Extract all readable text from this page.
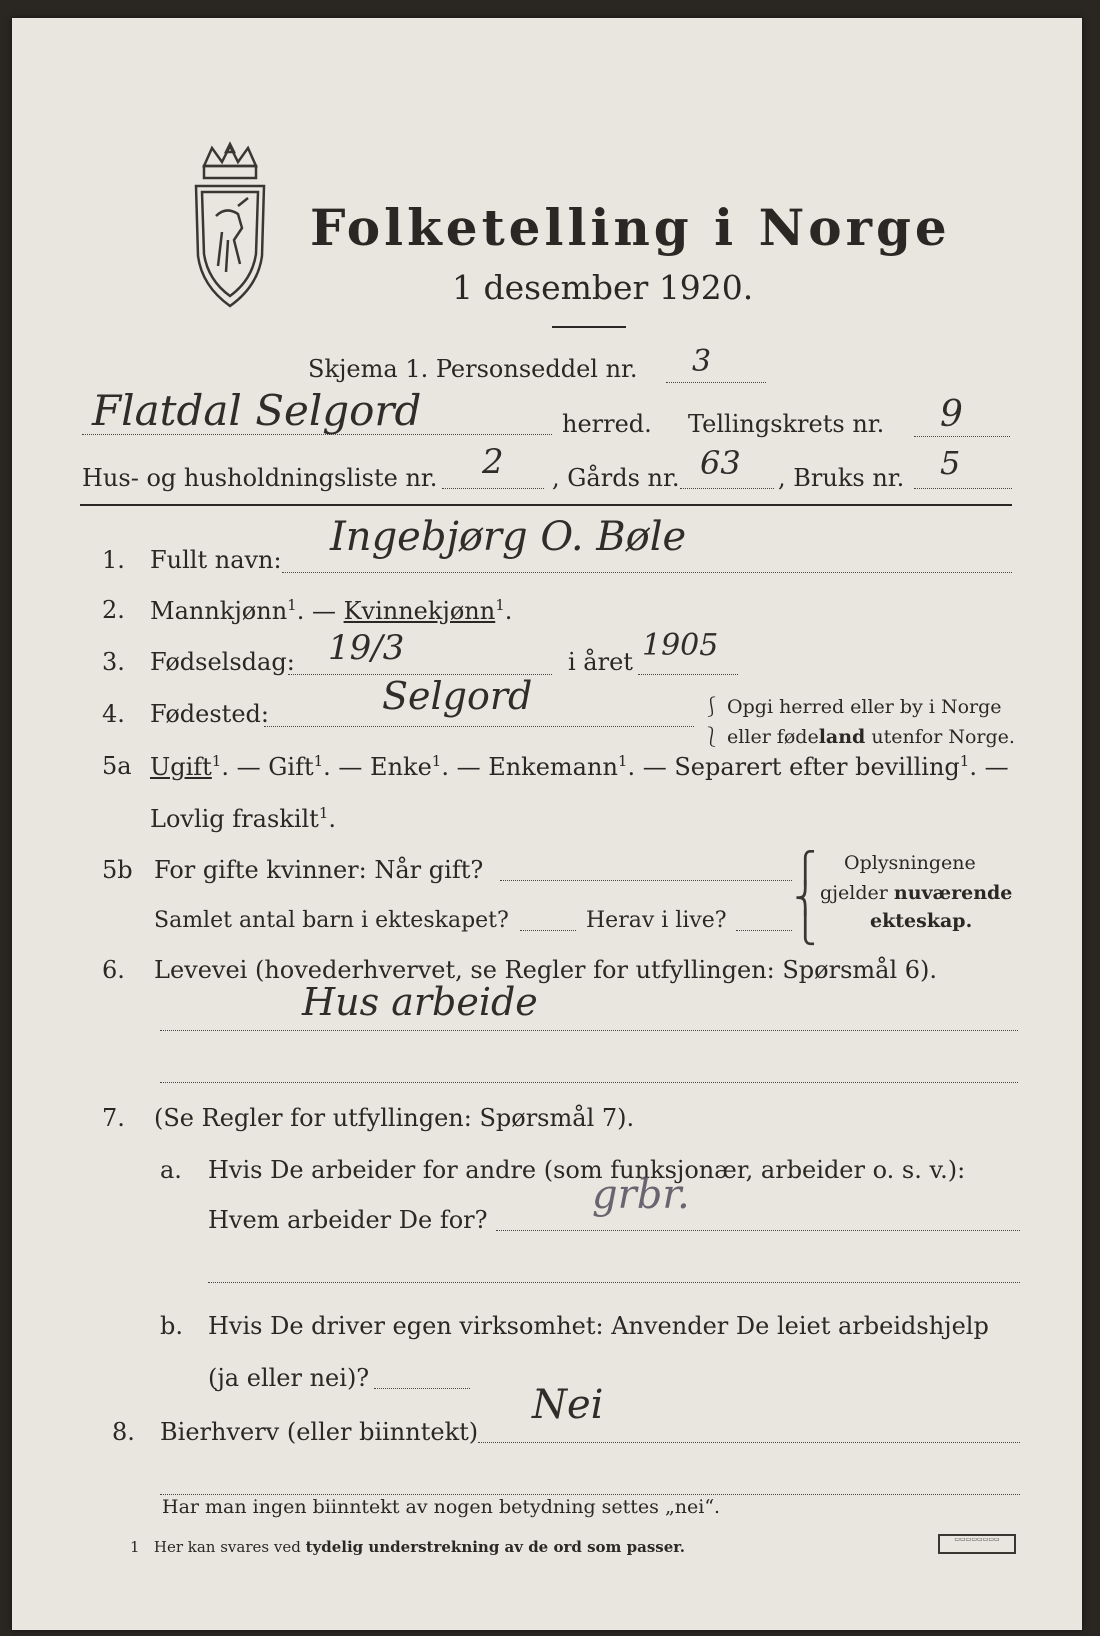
Folketelling i Norge
1 desember 1920.
Skjema 1. Personseddel nr. 3
Flatdal Selgord	herred. Tellingskrets nr. 9
Hus- og husholdningsliste nr. 2 , Gårds nr. 63 , Bruks nr. 5
1. Fullt navn: Ingebjørg O. Bøle
2. Mannkjønn$^1$. — Kvinnekjønn$^1$.
3. Fødselsdag: 19/3	i året 1905
4. Fødested:	Selgord	⎰ Opgi herred eller by i Norge
⎱ eller fødeland utenfor Norge.
5a Ugift$^1$. — Gift$^1$. — Enke$^1$. — Enkemann$^1$. — Separert efter bevilling$^1$. —
Lovlig fraskilt$^1$.
5b For gifte kvinner: Når gift?
Samlet antal barn i ekteskapet?	Herav i live?
⎧
⎨
⎩
Oplysningene
gjelder nuværende
ekteskap.
6. Levevei (hovederhvervet, se Regler for utfyllingen: Spørsmål 6).
Hus arbeide
7. (Se Regler for utfyllingen: Spørsmål 7).
a. Hvis De arbeider for andre (som funksjonær, arbeider o. s. v.):
Hvem arbeider De for?
grbr.
b. Hvis De driver egen virksomhet: Anvender De leiet arbeidshjelp
(ja eller nei)?
8. Bierhverv (eller biinntekt)
Nei
Har man ingen biinntekt av nogen betydning settes „nei“.
1 Her kan svares ved tydelig understrekning av de ord som passer.	▭▭▭▭▭▭▭▭
